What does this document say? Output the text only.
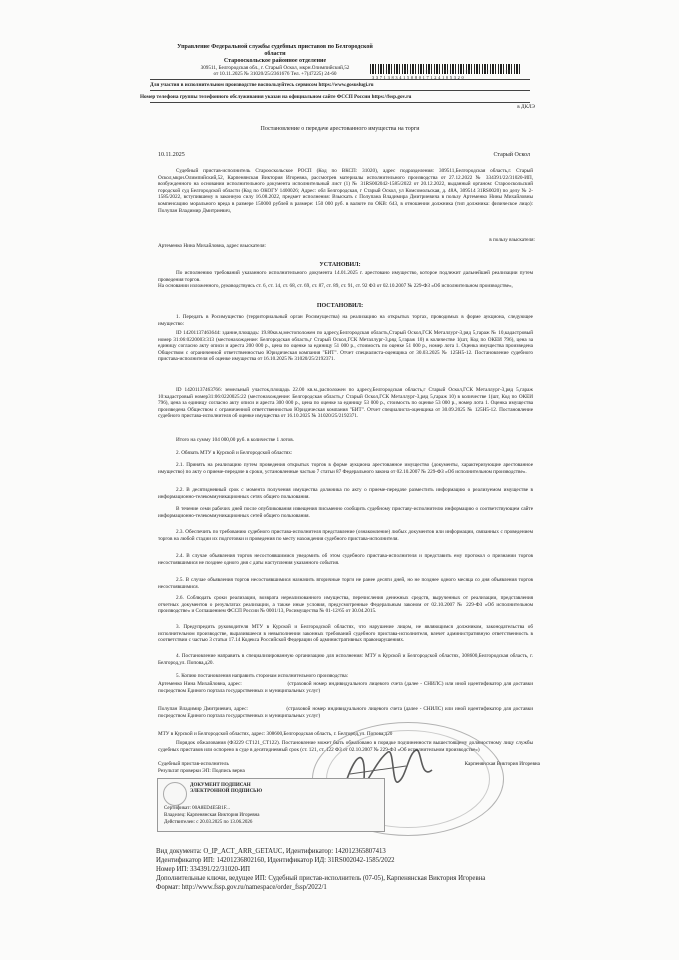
Управление Федеральной службы судебных приставов по Белгородской
области
Старооскольское районное отделение
309511, Белгородская обл., г. Старый Оскол, мкрн.Олимпийский,52
от 10.11.2025 № 31020/25/2361676 Тел. +7(47225) 24-60
3 3 7 1 3 8 3 4 1 5 0 8 0 1 7 1 2 4 1 0 5 3 2 0
Для участия в исполнительном производстве воспользуйтесь сервисом https://www.gosuslugi.ru
Номер телефона группы телефонного обслуживания указан на официальном сайте ФССП России https://fssp.gov.ru
в ДКЛЭ
Постановление о передаче арестованного имущества на торги
10.11.2025	Старый Оскол
Судебный пристав-исполнитель Старооскольское РОСП (Код по ВКСП: 31020), адрес подразделения: 309511,Белгородская область,г. Старый Оскол,мкрн.Олимпийский,52, Карпенянская Виктория Игоревна, рассмотрев материалы исполнительного производства от 27.12.2022 № 334391/22/31020-ИП, возбужденного на основании исполнительного документа исполнительный лист (1) № 31RS002042-1585/2022 от 20.12.2022, выданный органом: Старооскольский городской суд Белгородской области (Код по ОКОГУ 1400026; Адрес: обл Белгородская, г Старый Оскол, ул Комсомольская, д. 48А, 309514 31RS0020) по делу № 2-1585/2022, вступившему в законную силу 16.08.2022, предмет исполнения: Взыскать с Полупана Владимира Дмитриевича в пользу Артеменко Нины Михайловны компенсацию морального вреда в размере 150000 рублей в размере: 150 000 руб. в валюте по ОКВ: 643, в отношении должника (тип должника: физическое лицо): Полупан Владимир Дмитриевич,
в пользу взыскателя:
Артеменко Нина Михайловна, адрес взыскателя:
УСТАНОВИЛ:
По исполнению требований указанного исполнительного документа 14.01.2025 г. арестовано имущество, которое подлежит дальнейшей реализации путем проведения торгов.
На основании изложенного, руководствуясь ст. 6, ст. 14, ст. 68, ст. 69, ст. 87, ст. 89, ст. 91, ст. 92 ФЗ от 02.10.2007 № 229-ФЗ «Об исполнительном производстве»,
ПОСТАНОВИЛ:
1. Передать в Росимущество (территориальный орган Росимущества) на реализацию на открытых торгах, проводимых в форме аукциона, следующее имущество:
ID 14201137463644: здание,площадь: 19.80кв.м,местоположен по адресу,Белгородская область,Старый Оскол,ГСК Металлург-3,ряд 5,гараж № 10,кадастровый номер 31:06:0220003:313 (местонахождение: Белгородская область,г Старый Оскол,ГСК Металлург-3,ряд 5,гараж 10) в количестве 1(шт, Код по ОКЕИ 796), цена за единицу согласно акту описи и ареста 200 000 р., цена по оценке за единицу 51 000 р., стоимость по оценке 51 000 р., номер лота 1. Оценка имущества произведена Обществом с ограниченной ответственностью Юридическая компания "БИТ". Отчет специалиста-оценщика от 30.03.2025 № 125Н5-12. Постановление судебного пристава-исполнителя об оценке имущества от 16.10.2025 № 31020/25/2192371.
ID 14201137463766: земельный участок,площадь 22.00 кв.м.,расположен по адресу,Белгородская область,г Старый Оскол,ГСК Металлург-3,ряд 5,гараж 10:кадастровый номер31:06:0220025:22 (местонахождение: Белгородская область,г Старый Оскол,ГСК Металлург-3,ряд 5,гараж 10) в количестве 1(шт, Код по ОКЕИ 796), цена за единицу согласно акту описи и ареста 300 000 р., цена по оценке за единицу 53 000 р., стоимость по оценке 53 000 р., номер лота 1. Оценка имущества произведена Обществом с ограниченной ответственностью Юридическая компания "БИТ". Отчет специалиста-оценщика от 30.09.2025 № 125Н5-12. Постановление судебного пристава-исполнителя об оценке имущества от 16.10.2025 № 31020/25/2192371.
Итого на сумму 104 000,00 руб. в количестве 1 лотов.
2. Обязать МТУ в Курской и Белгородской областях:
2.1. Принять на реализацию путем проведения открытых торгов в форме аукциона арестованное имущество (документы, характеризующие арестованное имущество) по акту о приеме-передаче в сроки, установленные частью 7 статьи 87 Федерального закона от 02.10.2007 № 229-ФЗ «Об исполнительном производстве».
2.2. В десятидневный срок с момента получения имущества должника по акту о приеме-передаче разместить информацию о реализуемом имуществе в информационно-телекоммуникационных сетях общего пользования.
В течение семи рабочих дней после опубликования извещения письменно сообщить судебному приставу-исполнителю информацию о соответствующем сайте информационно-телекоммуникационных сетей общего пользования.
2.3. Обеспечить по требованию судебного пристава-исполнителя представление (ознакомление) любых документов или информации, связанных с проведением торгов на любой стадии их подготовки и проведения по месту нахождения судебного пристава-исполнителя.
2.4. В случае объявления торгов несостоявшимися уведомить об этом судебного пристава-исполнителя и представить ему протокол о признании торгов несостоявшимися не позднее одного дня с даты наступления указанного события.
2.5. В случае объявления торгов несостоявшимися назначить вторичные торги не ранее десяти дней, но не позднее одного месяца со дня объявления торгов несостоявшимися.
2.6. Соблюдать сроки реализации, возврата нереализованного имущества, перечисления денежных средств, вырученных от реализации, представления отчетных документов о результатах реализации, а также иные условия, предусмотренные Федеральным законом от 02.10.2007 № 229-ФЗ «Об исполнительном производстве» и Соглашением ФССП России № 0001/13, Росимущества № 01-12/65 от 30.04.2015.
3. Предупредить руководителя МТУ в Курской и Белгородской областях, что нарушение лицом, не являющимся должником, законодательства об исполнительном производстве, выразившееся в невыполнении законных требований судебного пристава-исполнителя, влечет административную ответственность в соответствии с частью 3 статьи 17.14 Кодекса Российской Федерации об административных правонарушениях.
4. Постановление направить в специализированную организацию для исполнения: МТУ в Курской и Белгородской областях, 308600,Белгородская область, г. Белгород,ул. Попова,д20.
5. Копию постановления направить сторонам исполнительного производства:
Артеменко Нина Михайловна, адрес:                         (страховой номер индивидуального лицевого счета (далее - СНИЛС) или иной идентификатор для доставки посредством Единого портала государственных и муниципальных услуг)
Полупан Владимир Дмитриевич, адрес:                    (страховой номер индивидуального лицевого счета (далее - СНИЛС) или иной идентификатор для доставки посредством Единого портала государственных и муниципальных услуг)
МТУ в Курской и Белгородской областях, адрес: 308600,Белгородская область, г. Белгород,ул. Попова,д20
Порядок обжалования (ФЗ229 СТ121_СТ122). Постановление может быть обжаловано в порядке подчиненности вышестоящему должностному лицу службы судебных приставов или оспорено в суде в десятидневный срок (ст. 121, ст. 122 ФЗ от 02.10.2007 № 229-ФЗ «Об исполнительном производстве»)
Судебный пристав-исполнитель	Карпенянская Виктория Игоревна
Результат проверки ЭП: Подпись верна
ДОКУМЕНТ ПОДПИСАН
ЭЛЕКТРОННОЙ ПОДПИСЬЮ
Сертификат: 00A8ED4E5B1F...
Владелец: Карпенянская Виктория Игоревна
Действителен: с 20.03.2025 по 13.06.2026
Вид документа: O_IP_ACT_ARR_GETAUC, Идентификатор: 142012365807413
Идентификатор ИП: 14201236802160, Идентификатор ИД: 31RS002042-1585/2022
Номер ИП: 334391/22/31020-ИП
Дополнительные ключи, ведущее ИП: Судебный пристав-исполнитель (07-05), Карпенянская Виктория Игоревна
Формат: http://www.fssp.gov.ru/namespace/order_fssp/2022/1
